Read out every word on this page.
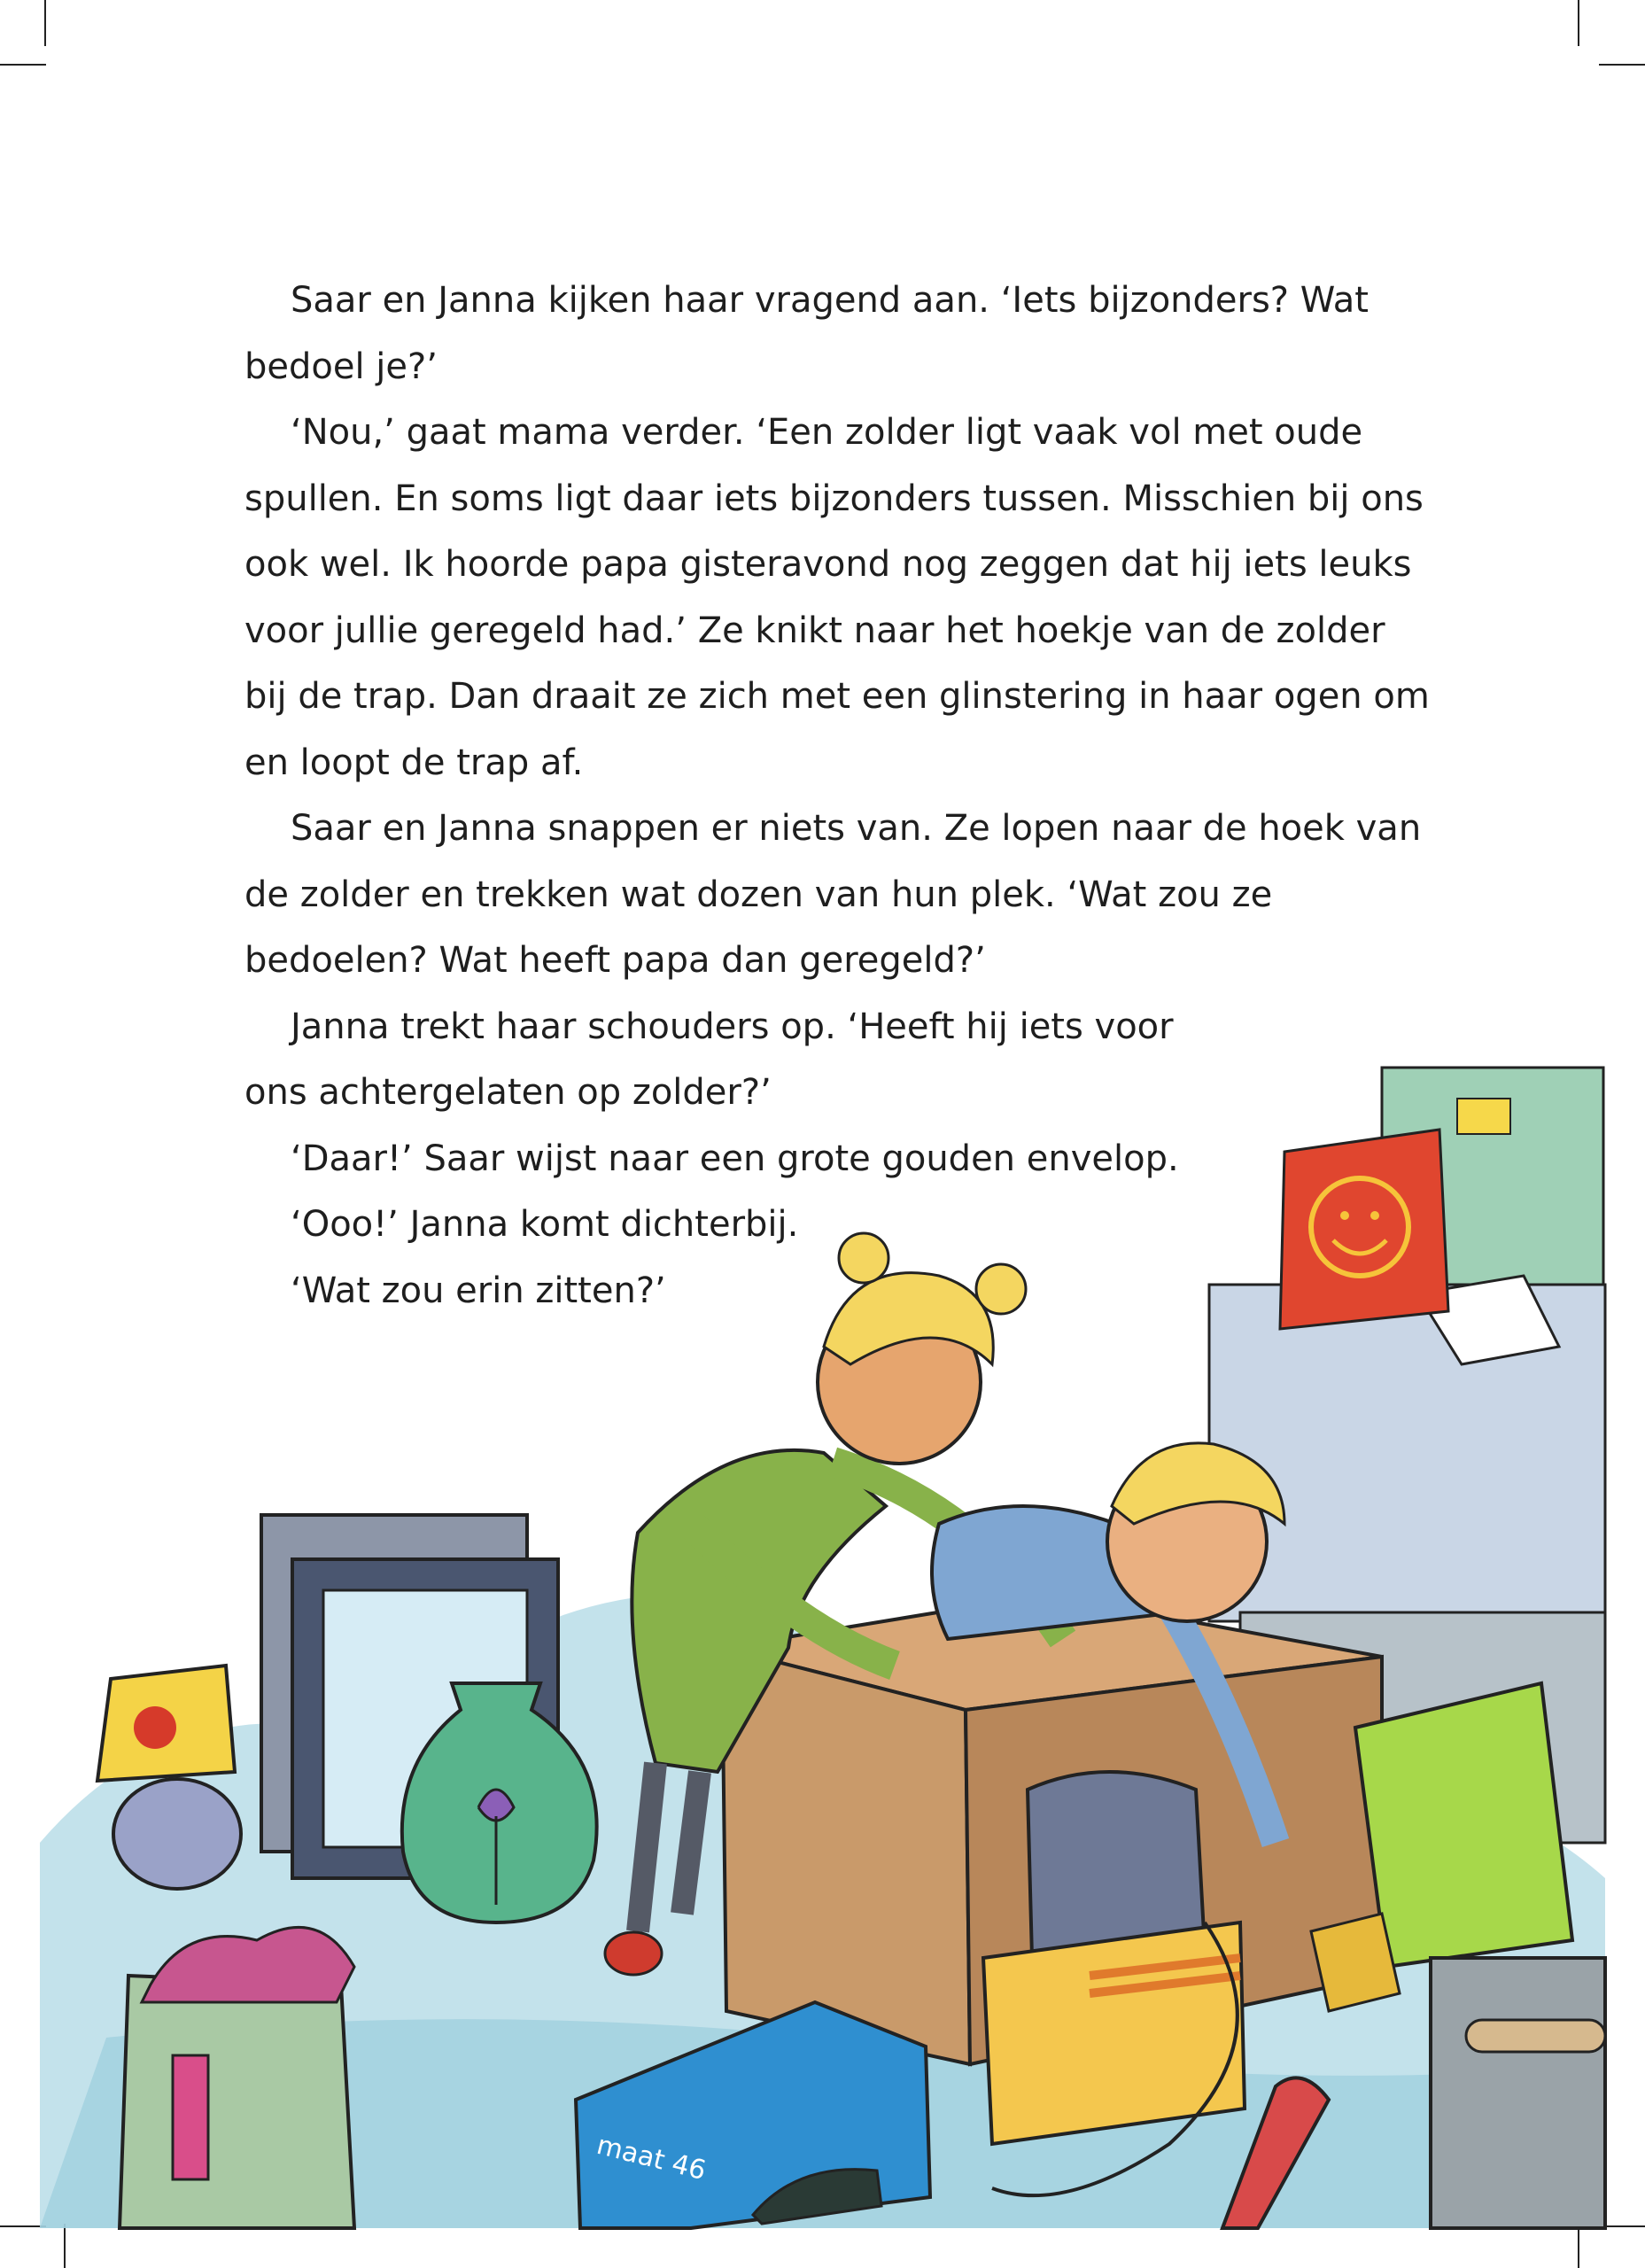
maat 46

Saar en Janna kijken haar vragend aan. ‘Iets bijzonders? Wat bedoel je?’

‘Nou,’ gaat mama verder. ‘Een zolder ligt vaak vol met oude spullen. En soms ligt daar iets bijzonders tussen. Misschien bij ons ook wel. Ik hoorde papa gisteravond nog zeggen dat hij iets leuks voor jullie geregeld had.’ Ze knikt naar het hoekje van de zolder bij de trap. Dan draait ze zich met een glinstering in haar ogen om en loopt de trap af.

Saar en Janna snappen er niets van. Ze lopen naar de hoek van de zolder en trekken wat dozen van hun plek. ‘Wat zou ze bedoelen? Wat heeft papa dan geregeld?’

Janna trekt haar schouders op. ‘Heeft hij iets voor ons achtergelaten op zolder?’

‘Daar!’ Saar wijst naar een grote gouden envelop.

‘Ooo!’ Janna komt dichterbij.

‘Wat zou erin zitten?’
